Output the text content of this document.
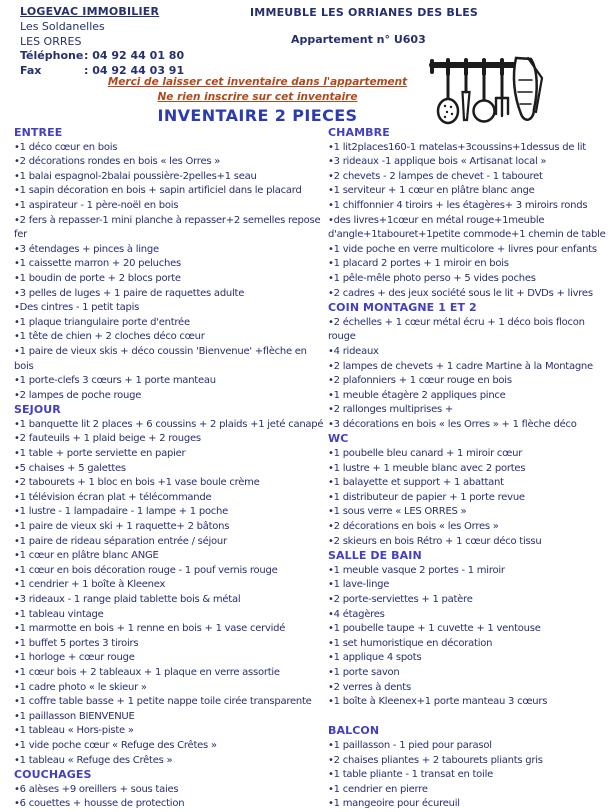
LOGEVAC IMMOBILIER
Les Soldanelles
LES ORRES
Téléphone: 04 92 44 01 80
Fax	: 04 92 44 03 91
IMMEUBLE LES ORRIANES DES BLES
Appartement n° U603
Merci de laisser cet inventaire dans l'appartement
Ne rien inscrire sur cet inventaire
INVENTAIRE 2 PIECES
ENTREE
•1 déco cœur en bois
•2 décorations rondes en bois « les Orres »
•1 balai espagnol-2balai poussière-2pelles+1 seau
•1 sapin décoration en bois + sapin artificiel dans le placard
•1 aspirateur - 1 père-noël en bois
•2 fers à repasser-1 mini planche à repasser+2 semelles repose fer
•3 étendages + pinces à linge
•1 caissette marron + 20 peluches
•1 boudin de porte + 2 blocs porte
•3 pelles de luges + 1 paire de raquettes adulte
•Des cintres - 1 petit tapis
•1 plaque triangulaire porte d'entrée
•1 tête de chien + 2 cloches déco cœur
•1 paire de vieux skis + déco coussin 'Bienvenue' +flèche en bois
•1 porte-clefs 3 cœurs + 1 porte manteau
•2 lampes de poche rouge
SEJOUR
•1 banquette lit 2 places + 6 coussins + 2 plaids +1 jeté canapé
•2 fauteuils + 1 plaid beige + 2 rouges
•1 table + porte serviette en papier
•5 chaises + 5 galettes
•2 tabourets + 1 bloc en bois +1 vase boule crème
•1 télévision écran plat + télécommande
•1 lustre - 1 lampadaire - 1 lampe + 1 poche
•1 paire de vieux ski + 1 raquette+ 2 bâtons
•1 paire de rideau séparation entrée / séjour
•1 cœur en plâtre blanc ANGE
•1 cœur en bois décoration rouge - 1 pouf vernis rouge
•1 cendrier + 1 boîte à Kleenex
•3 rideaux - 1 range plaid tablette bois & métal
•1 tableau vintage
•1 marmotte en bois + 1 renne en bois + 1 vase cervidé
•1 buffet 5 portes 3 tiroirs
•1 horloge + cœur rouge
•1 cœur bois + 2 tableaux + 1 plaque en verre assortie
•1 cadre photo « le skieur »
•1 coffre table basse + 1 petite nappe toile cirée transparente
•1 paillasson BIENVENUE
•1 tableau « Hors-piste »
•1 vide poche cœur « Refuge des Crêtes »
•1 tableau « Refuge des Crêtes »
COUCHAGES
•6 alèses +9 oreillers + sous taies
•6 couettes + housse de protection
CHAMBRE
•1 lit2places160-1 matelas+3coussins+1dessus de lit
•3 rideaux -1 applique bois « Artisanat local »
•2 chevets - 2 lampes de chevet - 1 tabouret
•1 serviteur + 1 cœur en plâtre blanc ange
•1 chiffonnier 4 tiroirs + les étagères+ 3 miroirs ronds
•des livres+1cœur en métal rouge+1meuble d'angle+1tabouret+1petite commode+1 chemin de table
•1 vide poche en verre multicolore + livres pour enfants
•1 placard 2 portes + 1 miroir en bois
•1 pêle-mêle photo perso + 5 vides poches
•2 cadres + des jeux société sous le lit + DVDs + livres
COIN MONTAGNE 1 ET 2
•2 échelles + 1 cœur métal écru + 1 déco bois flocon rouge
•4 rideaux
•2 lampes de chevets + 1 cadre Martine à la Montagne
•2 plafonniers + 1 cœur rouge en bois
•1 meuble étagère 2 appliques pince
•2 rallonges multiprises +
•3 décorations en bois « les Orres » + 1 flèche déco
WC
•1 poubelle bleu canard + 1 miroir cœur
•1 lustre + 1 meuble blanc avec 2 portes
•1 balayette et support + 1 abattant
•1 distributeur de papier + 1 porte revue
•1 sous verre « LES ORRES »
•2 décorations en bois « les Orres »
•2 skieurs en bois Rétro + 1 cœur déco tissu
SALLE DE BAIN
•1 meuble vasque 2 portes - 1 miroir
•1 lave-linge
•2 porte-serviettes + 1 patère
•4 étagères
•1 poubelle taupe + 1 cuvette + 1 ventouse
•1 set humoristique en décoration
•1 applique 4 spots
•1 porte savon
•2 verres à dents
•1 boîte à Kleenex+1 porte manteau 3 cœurs
BALCON
•1 paillasson - 1 pied pour parasol
•2 chaises pliantes + 2 tabourets pliants gris
•1 table pliante - 1 transat en toile
•1 cendrier en pierre
•1 mangeoire pour écureuil
